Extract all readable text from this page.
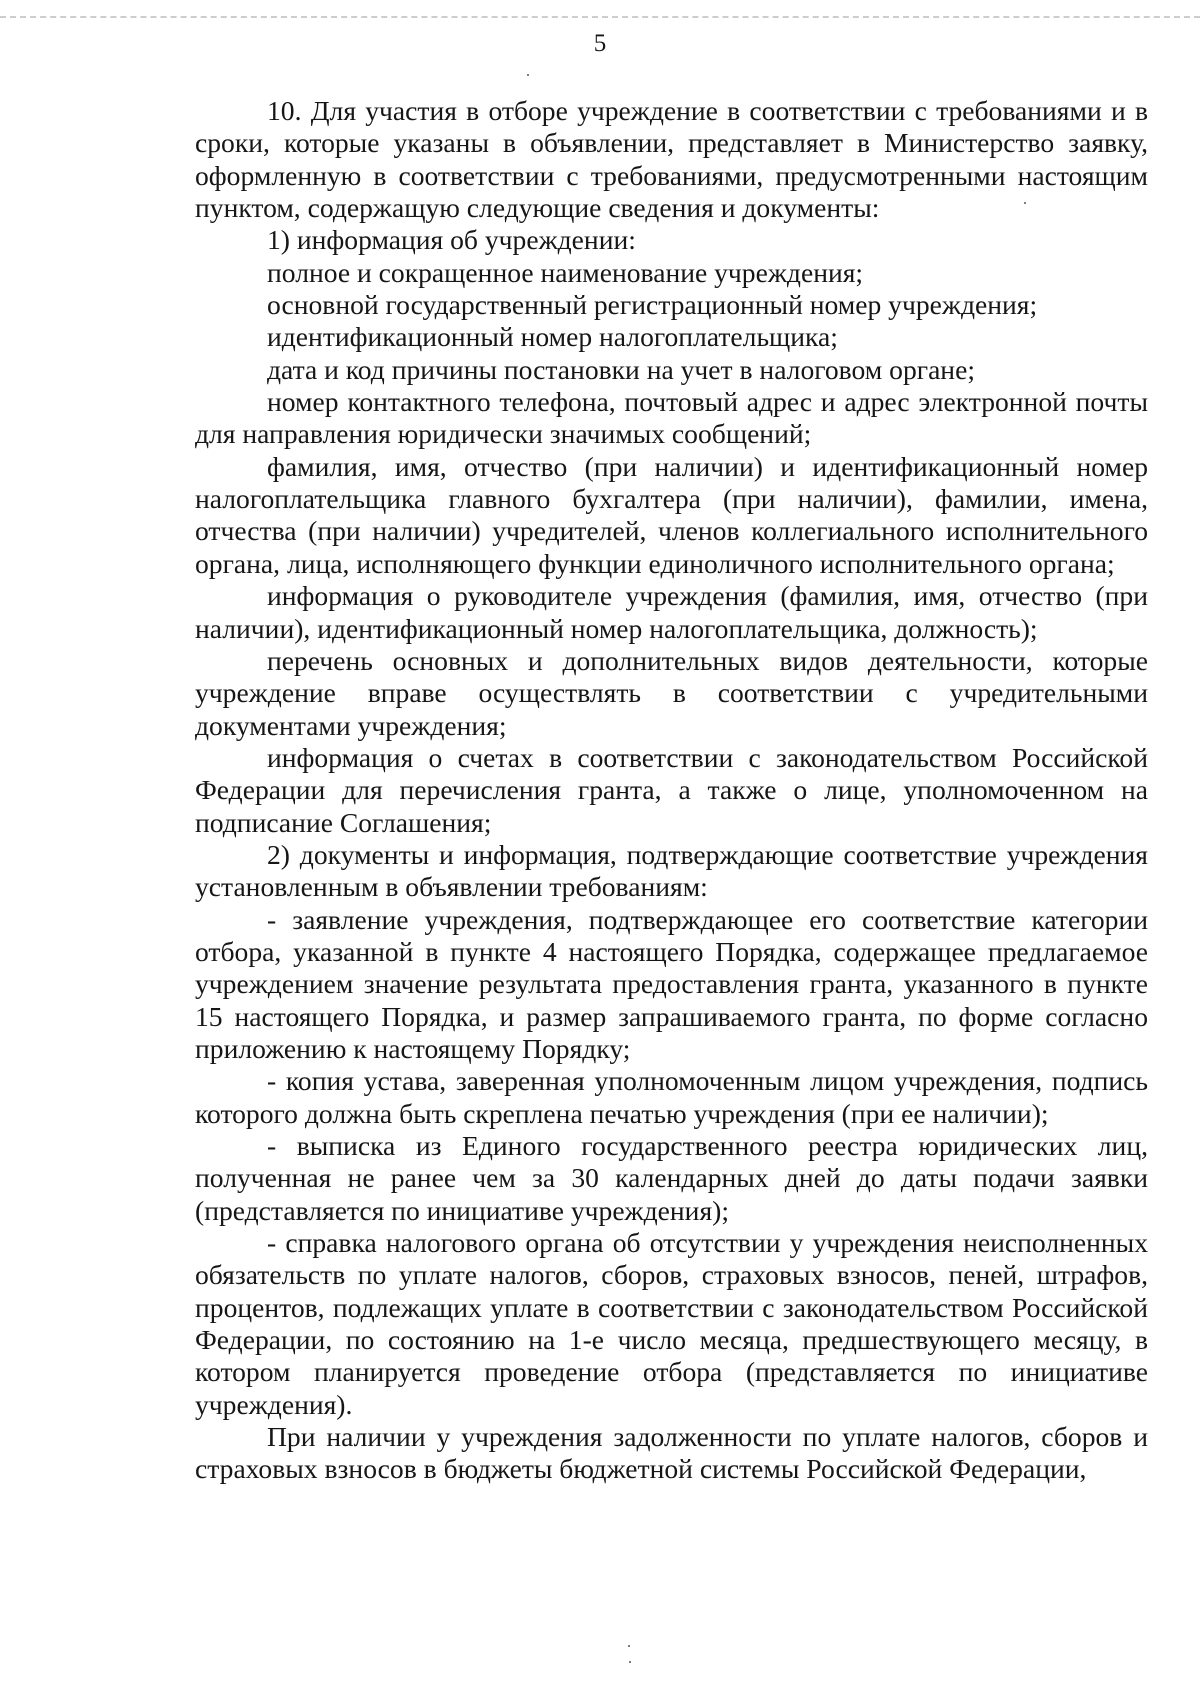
5

10. Для участия в отборе учреждение в соответствии с требованиями и в сроки, которые указаны в объявлении, представляет в Министерство заявку, оформленную в соответствии с требованиями, предусмотренными настоящим пунктом, содержащую следующие сведения и документы:

1) информация об учреждении:

полное и сокращенное наименование учреждения;

основной государственный регистрационный номер учреждения;

идентификационный номер налогоплательщика;

дата и код причины постановки на учет в налоговом органе;

номер контактного телефона, почтовый адрес и адрес электронной почты для направления юридически значимых сообщений;

фамилия, имя, отчество (при наличии) и идентификационный номер налогоплательщика главного бухгалтера (при наличии), фамилии, имена, отчества (при наличии) учредителей, членов коллегиального исполнительного органа, лица, исполняющего функции единоличного исполнительного органа;

информация о руководителе учреждения (фамилия, имя, отчество (при наличии), идентификационный номер налогоплательщика, должность);

перечень основных и дополнительных видов деятельности, которые учреждение вправе осуществлять в соответствии с учредительными документами учреждения;

информация о счетах в соответствии с законодательством Российской Федерации для перечисления гранта, а также о лице, уполномоченном на подписание Соглашения;

2) документы и информация, подтверждающие соответствие учреждения установленным в объявлении требованиям:

- заявление учреждения, подтверждающее его соответствие категории отбора, указанной в пункте 4 настоящего Порядка, содержащее предлагаемое учреждением значение результата предоставления гранта, указанного в пункте 15 настоящего Порядка, и размер запрашиваемого гранта, по форме согласно приложению к настоящему Порядку;

- копия устава, заверенная уполномоченным лицом учреждения, подпись которого должна быть скреплена печатью учреждения (при ее наличии);

- выписка из Единого государственного реестра юридических лиц, полученная не ранее чем за 30 календарных дней до даты подачи заявки (представляется по инициативе учреждения);

- справка налогового органа об отсутствии у учреждения неисполненных обязательств по уплате налогов, сборов, страховых взносов, пеней, штрафов, процентов, подлежащих уплате в соответствии с законодательством Российской Федерации, по состоянию на 1-е число месяца, предшествующего месяцу, в котором планируется проведение отбора (представляется по инициативе учреждения).

При наличии у учреждения задолженности по уплате налогов, сборов и страховых взносов в бюджеты бюджетной системы Российской Федерации,
